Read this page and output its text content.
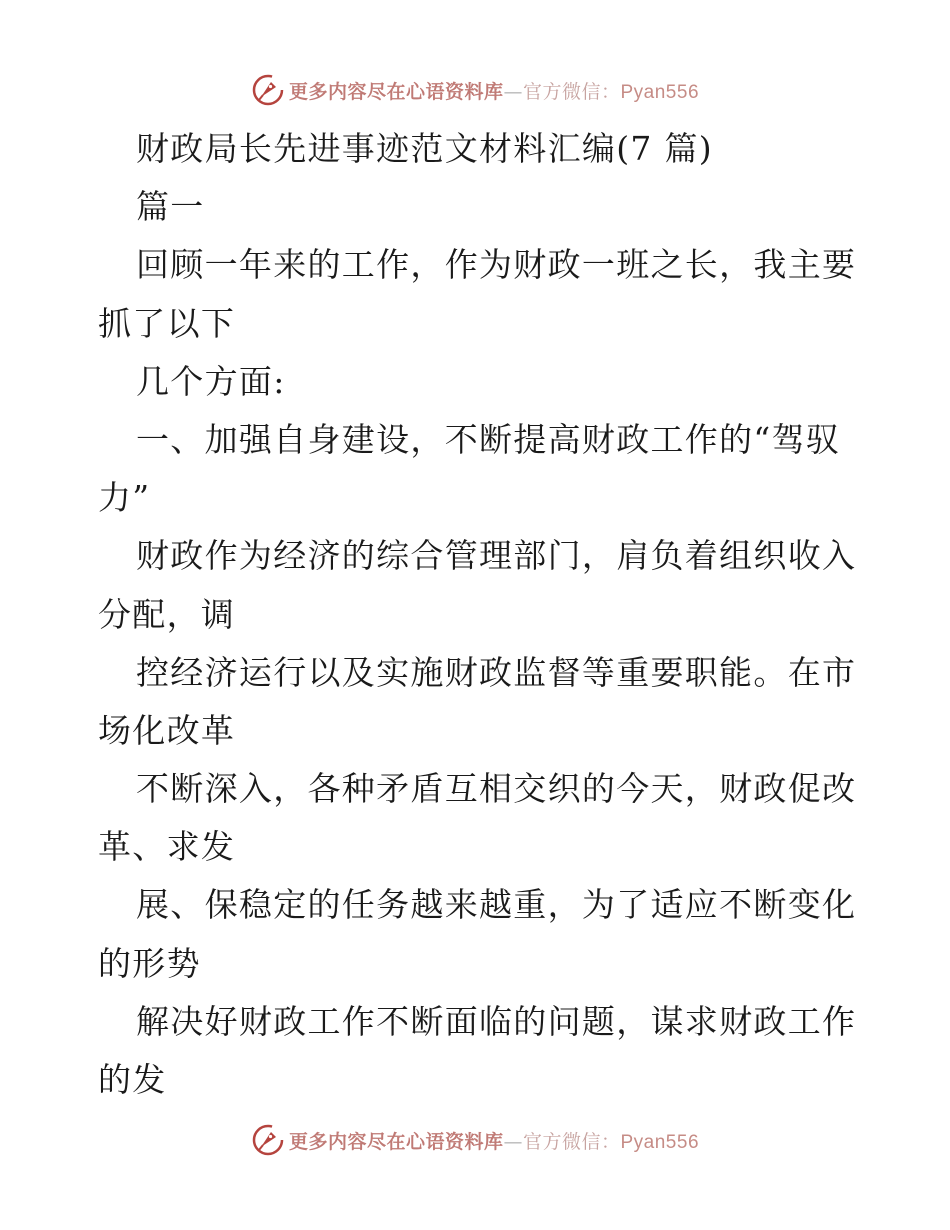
更多内容尽在心语资料库—官方微信：Pyan556
财政局长先进事迹范文材料汇编(7 篇)
篇一
回顾一年来的工作，作为财政一班之长，我主要
抓了以下
几个方面:
一、加强自身建设，不断提高财政工作的“驾驭
力”
财政作为经济的综合管理部门，肩负着组织收入
分配，调
控经济运行以及实施财政监督等重要职能。在市
场化改革
不断深入，各种矛盾互相交织的今天，财政促改
革、求发
展、保稳定的任务越来越重，为了适应不断变化
的形势
解决好财政工作不断面临的问题，谋求财政工作
的发
更多内容尽在心语资料库—官方微信：Pyan556
